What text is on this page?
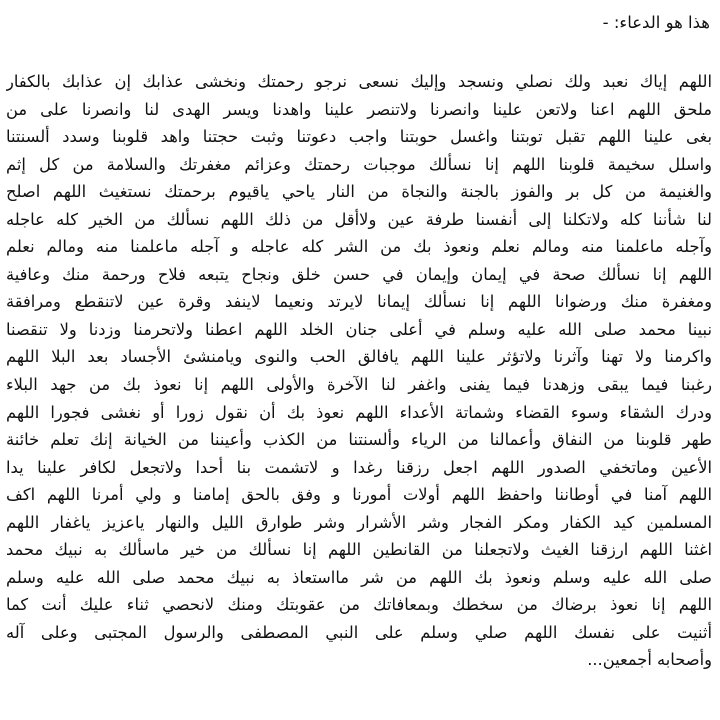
هذا هو الدعاء: -
اللهم إياك نعبد ولك نصلي ونسجد وإليك نسعى نرجو رحمتك ونخشى عذابك إن عذابك بالكفار
ملحق اللهم اعنا ولاتعن علينا وانصرنا ولاتنصر علينا واهدنا ويسر الهدى لنا وانصرنا على من
بغى علينا اللهم تقبل توبتنا واغسل حوبتنا واجب دعوتنا وثبت حجتنا واهد قلوبنا وسدد ألسنتنا
واسلل سخيمة قلوبنا اللهم إنا نسألك موجبات رحمتك وعزائم مغفرتك والسلامة من كل إثم
والغنيمة من كل بر والفوز بالجنة والنجاة من النار ياحي ياقيوم برحمتك نستغيث اللهم اصلح
لنا شأننا كله ولاتكلنا إلى أنفسنا طرفة عين ولاأقل من ذلك اللهم نسألك من الخير كله عاجله
وآجله ماعلمنا منه ومالم نعلم ونعوذ بك من الشر كله عاجله و آجله ماعلمنا منه ومالم نعلم
اللهم إنا نسألك صحة في إيمان وإيمان في حسن خلق ونجاح يتبعه فلاح ورحمة منك وعافية
ومغفرة منك ورضوانا اللهم إنا نسألك إيمانا لايرتد ونعيما لاينفد وقرة عين لاتنقطع ومرافقة
نبينا محمد صلى الله عليه وسلم في أعلى جنان الخلد اللهم اعطنا ولاتحرمنا وزدنا ولا تنقصنا
واكرمنا ولا تهنا وآثرنا ولاتؤثر علينا اللهم يافالق الحب والنوى ويامنشئ الأجساد بعد البلا اللهم
رغبنا فيما يبقى وزهدنا فيما يفنى واغفر لنا الآخرة والأولى اللهم إنا نعوذ بك من جهد البلاء
ودرك الشقاء وسوء القضاء وشماتة الأعداء اللهم نعوذ بك أن نقول زورا أو نغشى فجورا اللهم
طهر قلوبنا من النفاق وأعمالنا من الرياء وألسنتنا من الكذب وأعيننا من الخيانة إنك تعلم خائنة
الأعين وماتخفي الصدور اللهم اجعل رزقنا رغدا و لاتشمت بنا أحدا ولاتجعل لكافر علينا يدا
اللهم آمنا في أوطاننا واحفظ اللهم أولات أمورنا و وفق بالحق إمامنا و ولي أمرنا اللهم اكف
المسلمين كيد الكفار ومكر الفجار وشر الأشرار وشر طوارق الليل والنهار ياعزيز ياغفار اللهم
اغثنا اللهم ارزقنا الغيث ولاتجعلنا من القانطين اللهم إنا نسألك من خير ماسألك به نبيك محمد
صلى الله عليه وسلم ونعوذ بك اللهم من شر مااستعاذ به نبيك محمد صلى الله عليه وسلم
اللهم إنا نعوذ برضاك من سخطك وبمعافاتك من عقوبتك ومنك لانحصي ثناء عليك أنت كما
أثنيت على نفسك اللهم صلي وسلم على النبي المصطفى والرسول المجتبى وعلى آله
وأصحابه أجمعين...
